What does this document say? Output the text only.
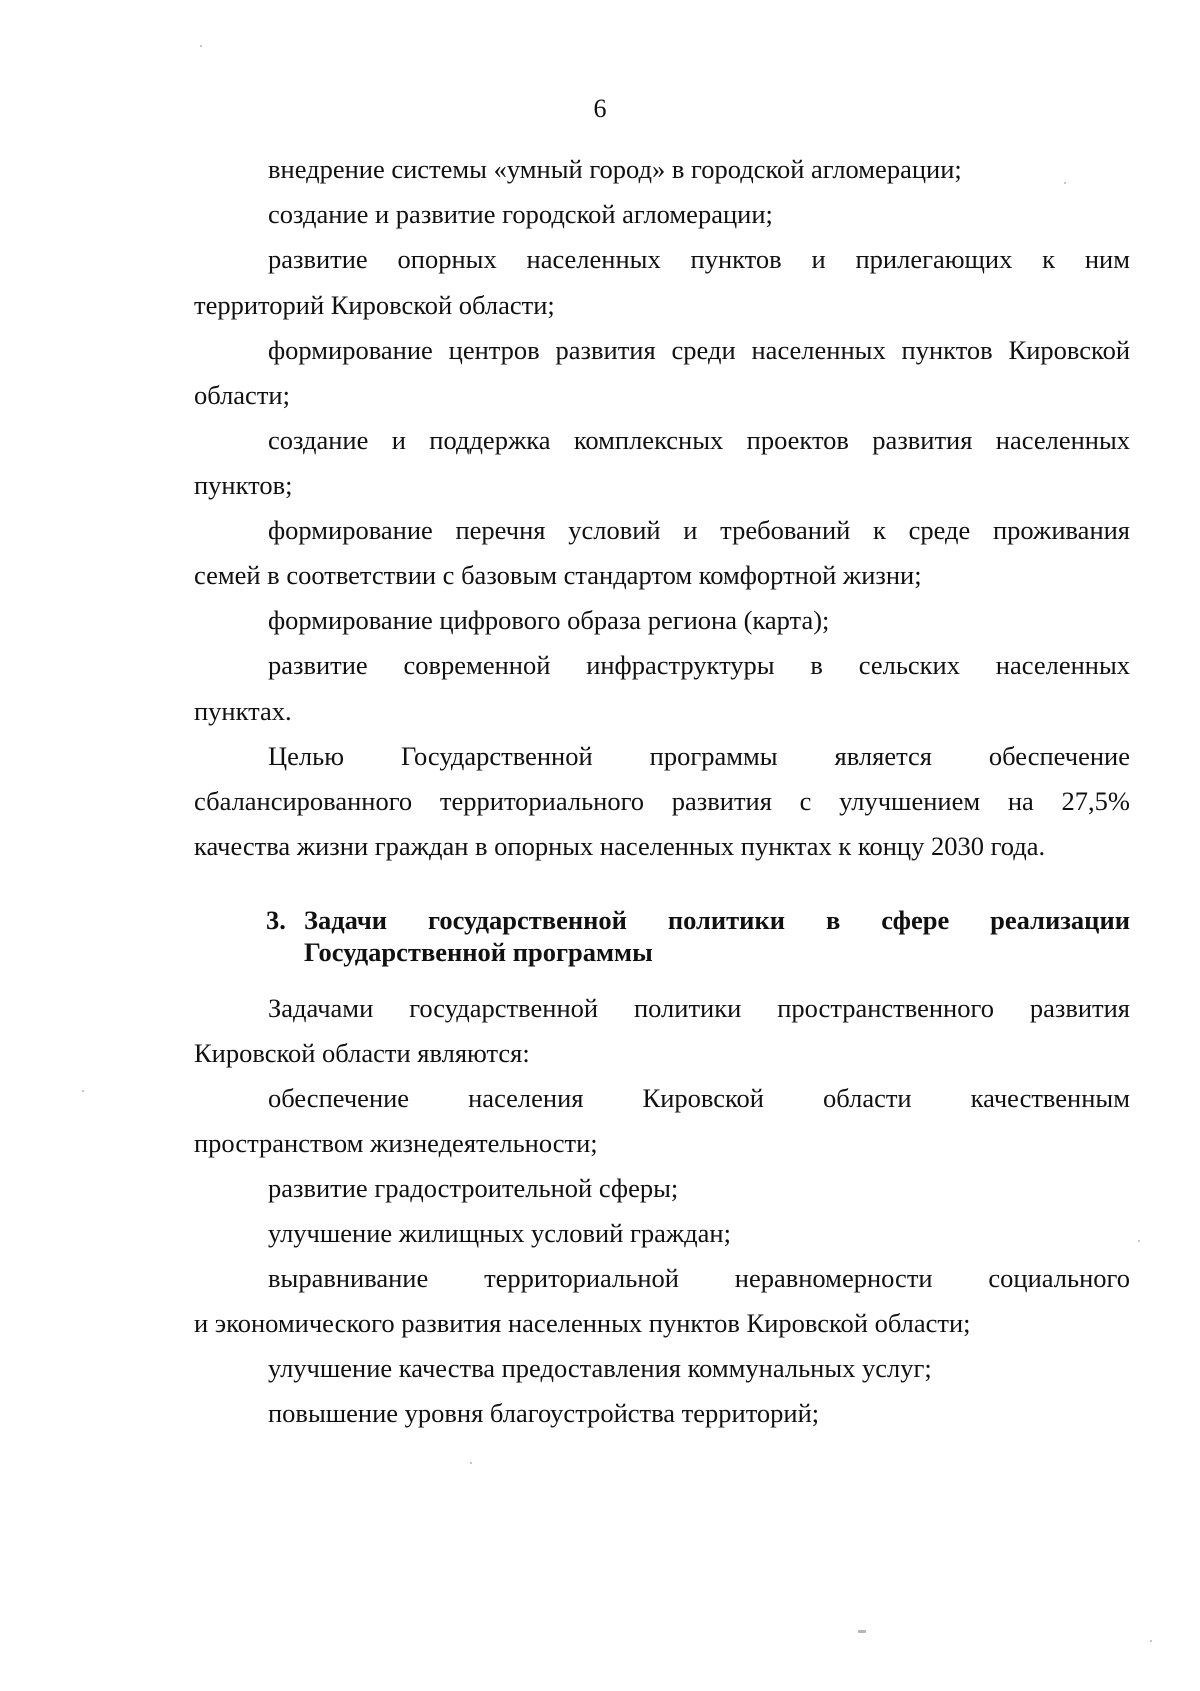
6
внедрение системы «умный город» в городской агломерации;
создание и развитие городской агломерации;
развитие опорных населенных пунктов и прилегающих к ним
территорий Кировской области;
формирование центров развития среди населенных пунктов Кировской
области;
создание и поддержка комплексных проектов развития населенных
пунктов;
формирование перечня условий и требований к среде проживания
семей в соответствии с базовым стандартом комфортной жизни;
формирование цифрового образа региона (карта);
развитие современной инфраструктуры в сельских населенных
пунктах.
Целью Государственной программы является обеспечение
сбалансированного территориального развития с улучшением на 27,5%
качества жизни граждан в опорных населенных пунктах к концу 2030 года.
3. Задачи государственной политики в сфере реализации
Государственной программы
Задачами государственной политики пространственного развития
Кировской области являются:
обеспечение населения Кировской области качественным
пространством жизнедеятельности;
развитие градостроительной сферы;
улучшение жилищных условий граждан;
выравнивание территориальной неравномерности социального
и экономического развития населенных пунктов Кировской области;
улучшение качества предоставления коммунальных услуг;
повышение уровня благоустройства территорий;
